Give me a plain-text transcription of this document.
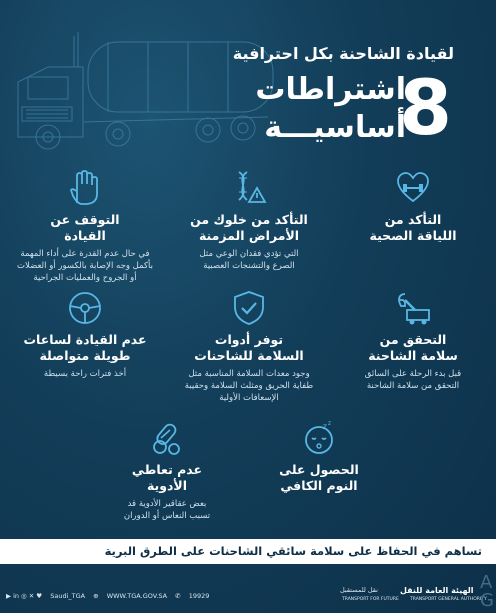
لقيادة الشاحنة بكل احترافية
8
اشتراطات
أساسيـــة
التأكد من
اللياقة الصحية
التأكد من خلوك من
الأمراض المزمنة
التي تؤدي فقدان الوعي مثل
الصرع والتشنجات العصبية
التوقف عن
القيادة
في حال عدم القدرة على أداء المهمة
بأكمل وجه الإصابة بالكسور أو العضلات
أو الجروح والعمليات الجراحية
التحقق من
سلامة الشاحنة
قبل بدء الرحلة على السائق
التحقق من سلامة الشاحنة
توفر أدوات
السلامة للشاحنات
وجود معدات السلامة المناسبة مثل
طفاية الحريق ومثلث السلامة وحقيبة
الإسعافات الأولية
عدم القيادة لساعات
طويلة متواصلة
أخذ فترات راحة بسيطة
z z
الحصول على
النوم الكافي
عدم تعاطي
الأدوية
بعض عقاقير الأدوية قد
تسبب النعاس أو الدوران
تساهم في الحفاظ على سلامة سائقي الشاحنات على الطرق البرية
▶ in ◎ ✕ ♥ Saudi_TGA ⊕ WWW.TGA.GOV.SA ✆ 19929
نقل للمستقبل
TRANSPORT FOR FUTURE
الهيئة العامة للنقل
TRANSPORT GENERAL AUTHORITY
A
G
